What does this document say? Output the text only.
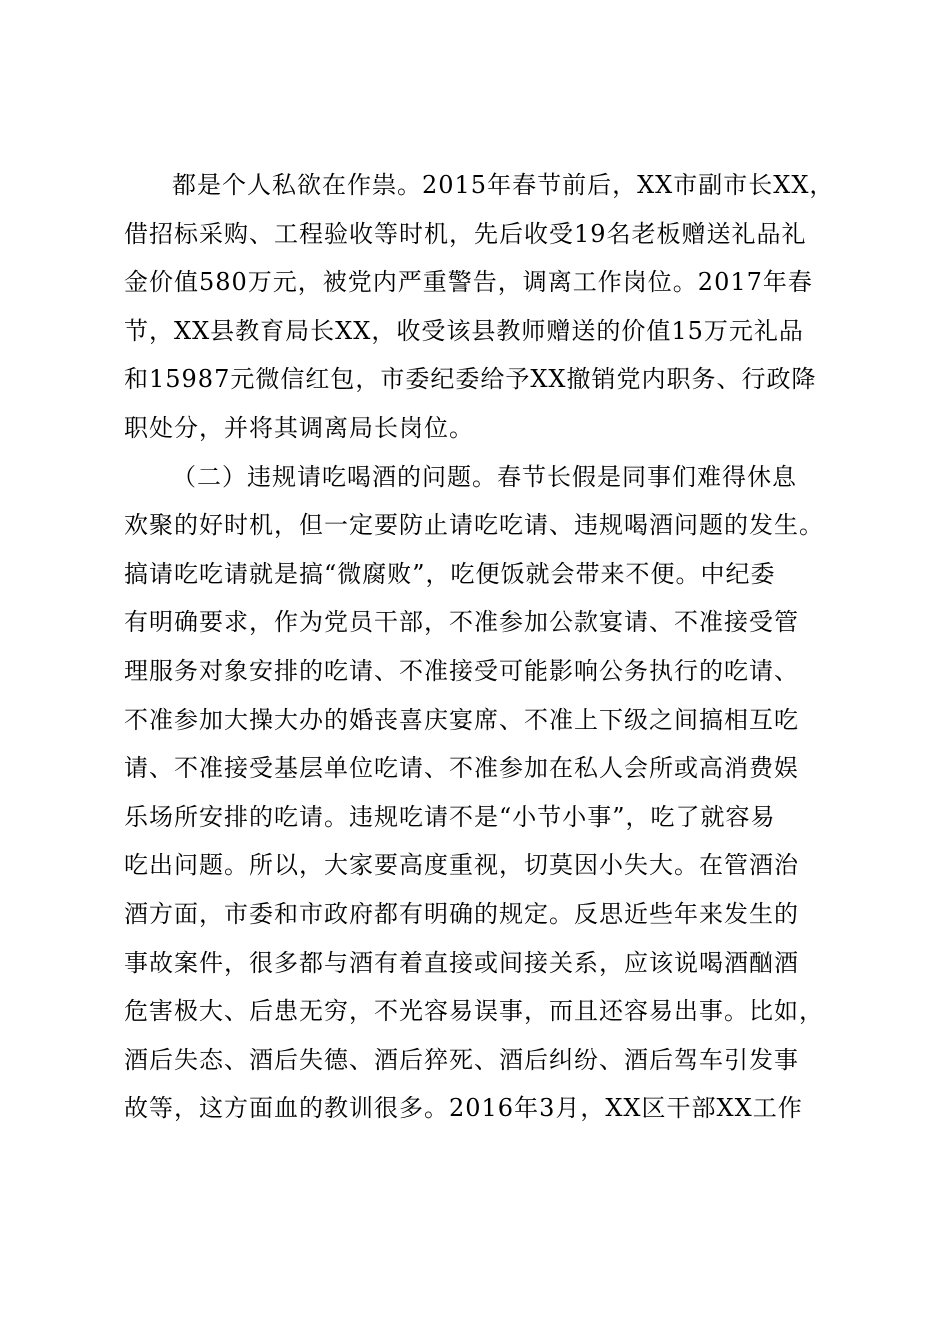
都是个人私欲在作祟。2015年春节前后，XX市副市长XX，
借招标采购、工程验收等时机，先后收受19名老板赠送礼品礼
金价值580万元，被党内严重警告，调离工作岗位。2017年春
节，XX县教育局长XX，收受该县教师赠送的价值15万元礼品
和15987元微信红包，市委纪委给予XX撤销党内职务、行政降
职处分，并将其调离局长岗位。
（二）违规请吃喝酒的问题。春节长假是同事们难得休息
欢聚的好时机，但一定要防止请吃吃请、违规喝酒问题的发生。
搞请吃吃请就是搞“微腐败”，吃便饭就会带来不便。中纪委
有明确要求，作为党员干部，不准参加公款宴请、不准接受管
理服务对象安排的吃请、不准接受可能影响公务执行的吃请、
不准参加大操大办的婚丧喜庆宴席、不准上下级之间搞相互吃
请、不准接受基层单位吃请、不准参加在私人会所或高消费娱
乐场所安排的吃请。违规吃请不是“小节小事”，吃了就容易
吃出问题。所以，大家要高度重视，切莫因小失大。在管酒治
酒方面，市委和市政府都有明确的规定。反思近些年来发生的
事故案件，很多都与酒有着直接或间接关系，应该说喝酒酗酒
危害极大、后患无穷，不光容易误事，而且还容易出事。比如，
酒后失态、酒后失德、酒后猝死、酒后纠纷、酒后驾车引发事
故等，这方面血的教训很多。2016年3月，XX区干部XX工作
